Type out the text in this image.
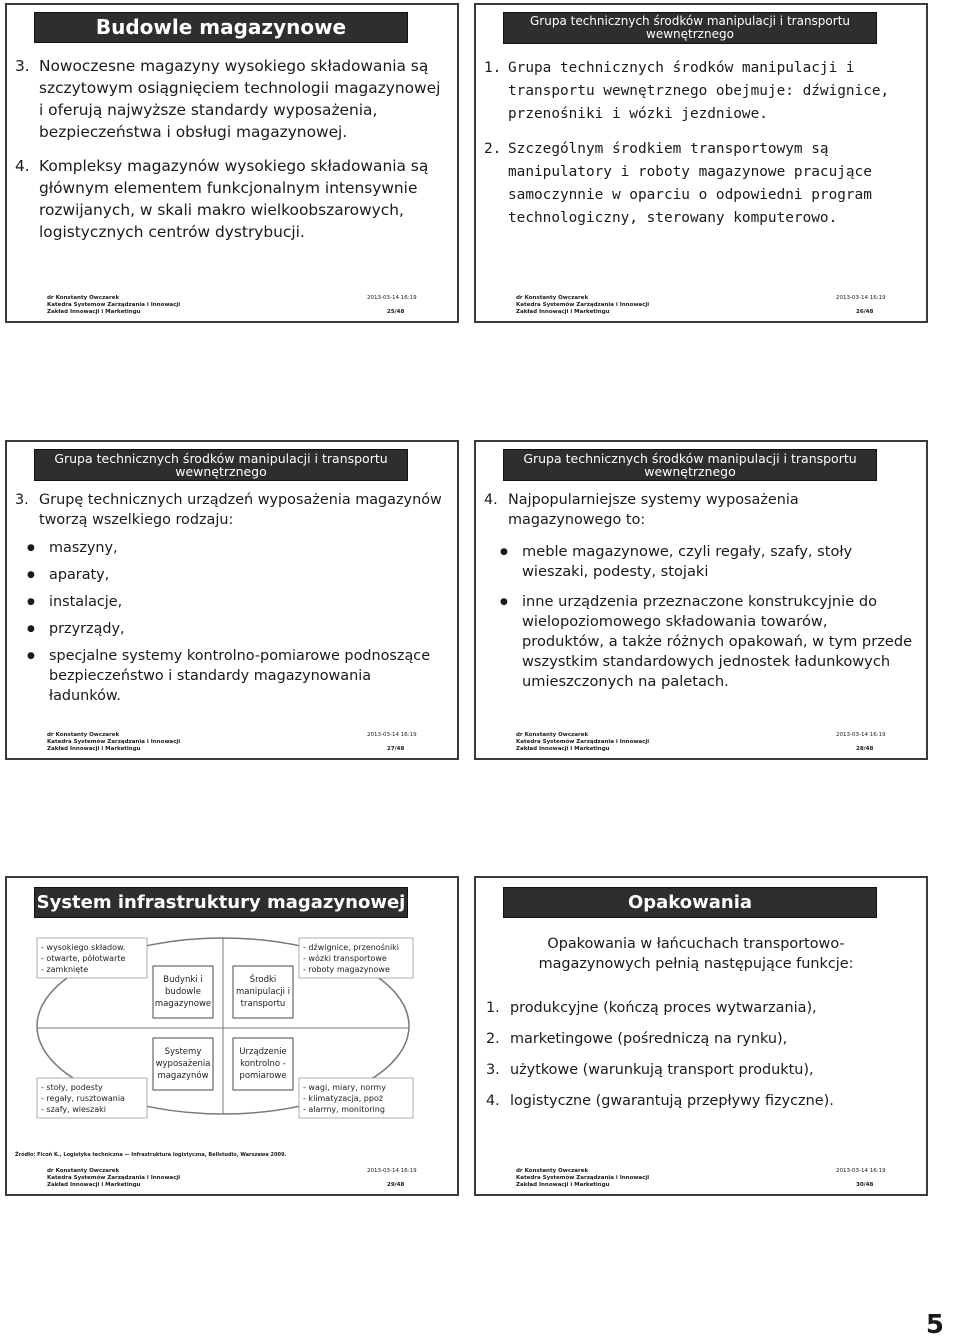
Budowle magazynowe
3. Nowoczesne magazyny wysokiego składowania są szczytowym osiągnięciem technologii magazynowej i oferują najwyższe standardy wyposażenia, bezpieczeństwa i obsługi magazynowej.
4. Kompleksy magazynów wysokiego składowania są głównym elementem funkcjonalnym intensywnie rozwijanych, w skali makro wielkoobszarowych, logistycznych centrów dystrybucji.
dr Konstanty Owczarek
Katedra Systemów Zarządzania i Innowacji
Zakład Innowacji i Marketingu
2013-03-14 16:19
25/48
Grupa technicznych środków manipulacji i transportu wewnętrznego
1. Grupa technicznych środków manipulacji i transportu wewnętrznego obejmuje: dźwignice, przenośniki i wózki jezdniowe.
2. Szczególnym środkiem transportowym są manipulatory i roboty magazynowe pracujące samoczynnie w oparciu o odpowiedni program technologiczny, sterowany komputerowo.
dr Konstanty Owczarek
Katedra Systemów Zarządzania i Innowacji
Zakład Innowacji i Marketingu
2013-03-14 16:19
26/48
Grupa technicznych środków manipulacji i transportu wewnętrznego
3. Grupę technicznych urządzeń wyposażenia magazynów tworzą wszelkiego rodzaju:
● maszyny,
● aparaty,
● instalacje,
● przyrządy,
● specjalne systemy kontrolno-pomiarowe podnoszące bezpieczeństwo i standardy magazynowania ładunków.
dr Konstanty Owczarek
Katedra Systemów Zarządzania i Innowacji
Zakład Innowacji i Marketingu
2013-03-14 16:19
27/48
Grupa technicznych środków manipulacji i transportu wewnętrznego
4. Najpopularniejsze systemy wyposażenia magazynowego to:
● meble magazynowe, czyli regały, szafy, stoły wieszaki, podesty, stojaki
● inne urządzenia przeznaczone konstrukcyjnie do wielopoziomowego składowania towarów, produktów, a także różnych opakowań, w tym przede wszystkim standardowych jednostek ładunkowych umieszczonych na paletach.
dr Konstanty Owczarek
Katedra Systemów Zarządzania i Innowacji
Zakład Innowacji i Marketingu
2013-03-14 16:19
28/48
System infrastruktury magazynowej
- wysokiego składow.
- otwarte, półotwarte
- zamknięte
- dźwignice, przenośniki
- wózki transportowe
- roboty magazynowe
- stoły, podesty
- regały, rusztowania
- szafy, wieszaki
- wagi, miary, normy
- klimatyzacja, ppoż
- alarmy, monitoring
Budynki i
budowle
magazynowe
Środki
manipulacji i
transportu
Systemy
wyposażenia
magazynów
Urządzenie
kontrolno -
pomiarowe
Źródło: Ficoń K., Logistyka techniczna — Infrastruktura logistyczna, Bellstudio, Warszawa 2009.
dr Konstanty Owczarek
Katedra Systemów Zarządzania i Innowacji
Zakład Innowacji i Marketingu
2013-03-14 16:19
29/48
Opakowania
Opakowania w łańcuchach transportowo-magazynowych pełnią następujące funkcje:
1. produkcyjne (kończą proces wytwarzania),
2. marketingowe (pośredniczą na rynku),
3. użytkowe (warunkują transport produktu),
4. logistyczne (gwarantują przepływy fizyczne).
dr Konstanty Owczarek
Katedra Systemów Zarządzania i Innowacji
Zakład Innowacji i Marketingu
2013-03-14 16:19
30/48
5
